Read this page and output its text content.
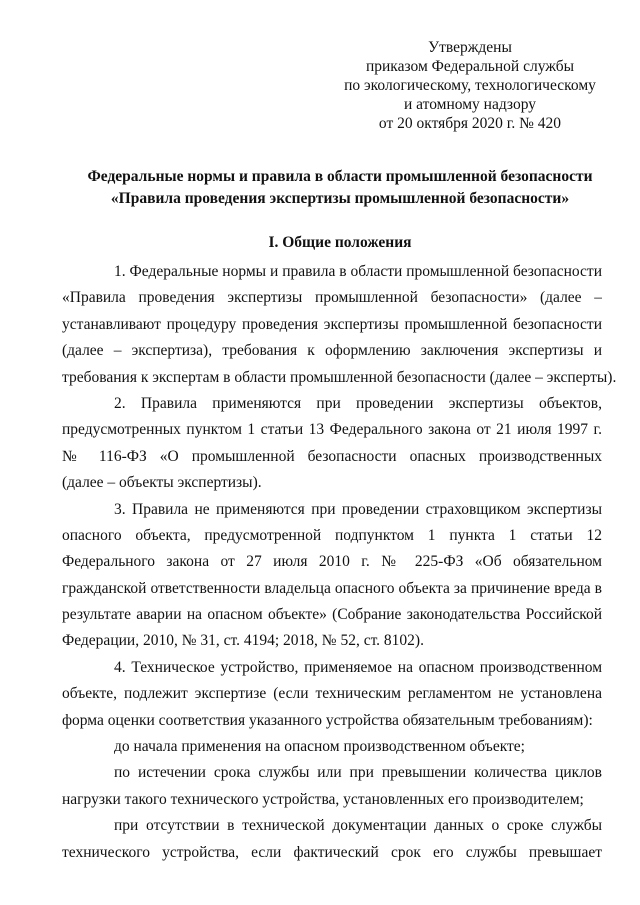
Утверждены
приказом Федеральной службы
по экологическому, технологическому
и атомному надзору
от 20 октября 2020 г. № 420
Федеральные нормы и правила в области промышленной безопасности
«Правила проведения экспертизы промышленной безопасности»
I. Общие положения
1. Федеральные нормы и правила в области промышленной безопасности
«Правила проведения экспертизы промышленной безопасности» (далее –
устанавливают процедуру проведения экспертизы промышленной безопасности
(далее – экспертиза), требования к оформлению заключения экспертизы и
требования к экспертам в области промышленной безопасности (далее – эксперты).
2. Правила применяются при проведении экспертизы объектов,
предусмотренных пунктом 1 статьи 13 Федерального закона от 21 июля 1997 г.
№ 116-ФЗ «О промышленной безопасности опасных производственных
(далее – объекты экспертизы).
3. Правила не применяются при проведении страховщиком экспертизы
опасного объекта, предусмотренной подпунктом 1 пункта 1 статьи 12
Федерального закона от 27 июля 2010 г. № 225-ФЗ «Об обязательном
гражданской ответственности владельца опасного объекта за причинение вреда в
результате аварии на опасном объекте» (Собрание законодательства Российской
Федерации, 2010, № 31, ст. 4194; 2018, № 52, ст. 8102).
4. Техническое устройство, применяемое на опасном производственном
объекте, подлежит экспертизе (если техническим регламентом не установлена
форма оценки соответствия указанного устройства обязательным требованиям):
до начала применения на опасном производственном объекте;
по истечении срока службы или при превышении количества циклов
нагрузки такого технического устройства, установленных его производителем;
при отсутствии в технической документации данных о сроке службы
технического устройства, если фактический срок его службы превышает
